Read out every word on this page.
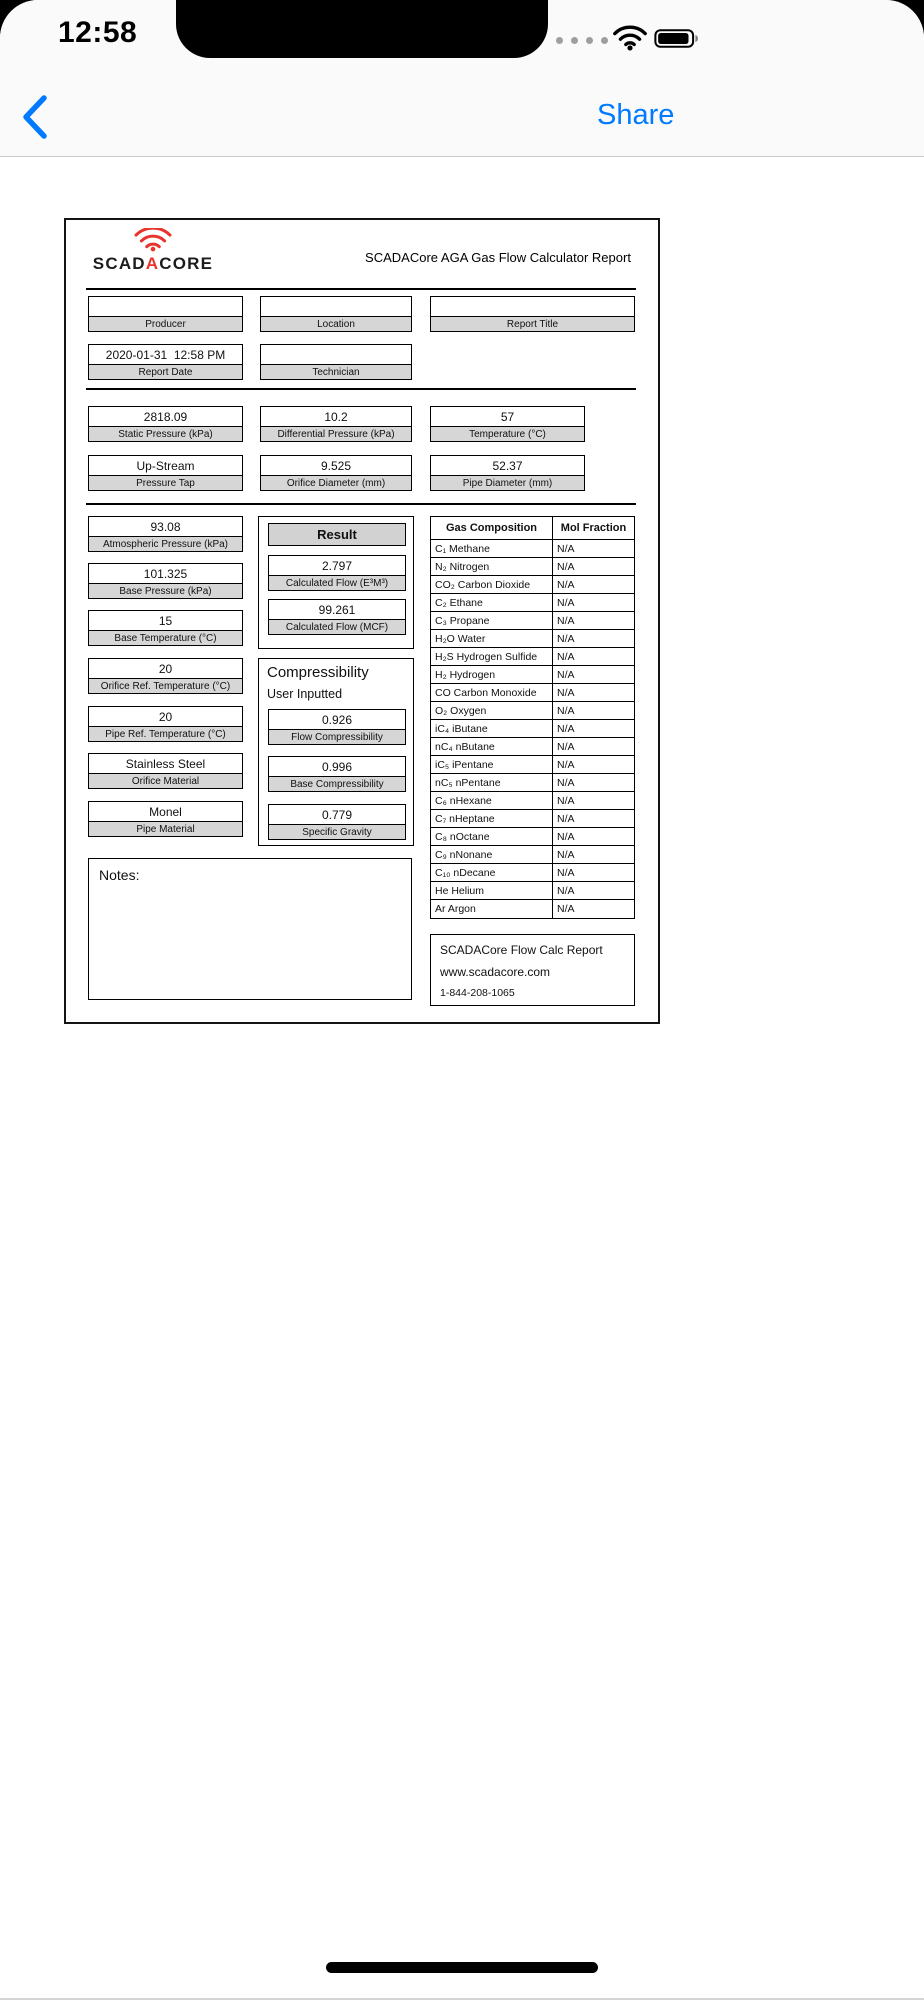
12:58
Share
SCADACORE	SCADACore AGA Gas Flow Calculator Report
Producer	Location	Report Title
2020-01-31  12:58 PM
Report Date	Technician
2818.09
Static Pressure (kPa)
10.2
Differential Pressure (kPa)
57
Temperature (°C)
Up-Stream
Pressure Tap
9.525
Orifice Diameter (mm)
52.37
Pipe Diameter (mm)
93.08
Atmospheric Pressure (kPa)
101.325
Base Pressure (kPa)
15
Base Temperature (°C)
20
Orifice Ref. Temperature (°C)
20
Pipe Ref. Temperature (°C)
Stainless Steel
Orifice Material
Monel
Pipe Material
Result
2.797
Calculated Flow (E³M³)
99.261
Calculated Flow (MCF)
Compressibility
User Inputted
0.926
Flow Compressibility
0.996
Base Compressibility
0.779
Specific Gravity
Gas Composition	Mol Fraction
C₁ Methane	N/A
N₂ Nitrogen	N/A
CO₂ Carbon Dioxide	N/A
C₂ Ethane	N/A
C₃ Propane	N/A
H₂O Water	N/A
H₂S Hydrogen Sulfide	N/A
H₂ Hydrogen	N/A
CO Carbon Monoxide	N/A
O₂ Oxygen	N/A
iC₄ iButane	N/A
nC₄ nButane	N/A
iC₅ iPentane	N/A
nC₅ nPentane	N/A
C₆ nHexane	N/A
C₇ nHeptane	N/A
C₈ nOctane	N/A
C₉ nNonane	N/A
C₁₀ nDecane	N/A
He Helium	N/A
Ar Argon	N/A
Notes:
SCADACore Flow Calc Report
www.scadacore.com
1-844-208-1065
